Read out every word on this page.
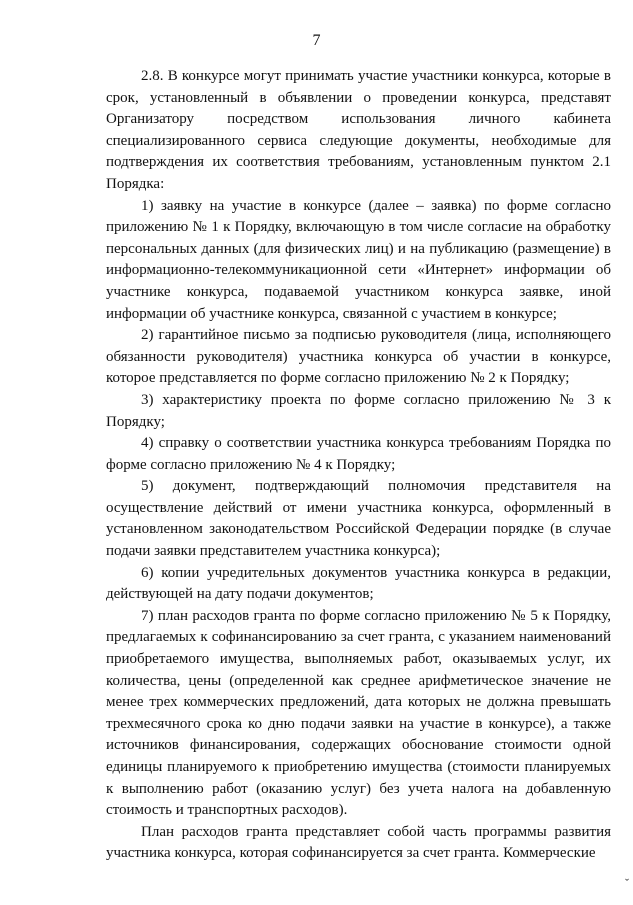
7

2.8. В конкурсе могут принимать участие участники конкурса, которые в срок, установленный в объявлении о проведении конкурса, представят Организатору посредством использования личного кабинета специализированного сервиса следующие документы, необходимые для подтверждения их соответствия требованиям, установленным пунктом 2.1 Порядка:

1) заявку на участие в конкурсе (далее – заявка) по форме согласно приложению № 1 к Порядку, включающую в том числе согласие на обработку персональных данных (для физических лиц) и на публикацию (размещение) в информационно-телекоммуникационной сети «Интернет» информации об участнике конкурса, подаваемой участником конкурса заявке, иной информации об участнике конкурса, связанной с участием в конкурсе;

2) гарантийное письмо за подписью руководителя (лица, исполняющего обязанности руководителя) участника конкурса об участии в конкурсе, которое представляется по форме согласно приложению № 2 к Порядку;

3) характеристику проекта по форме согласно приложению № 3 к Порядку;

4) справку о соответствии участника конкурса требованиям Порядка по форме согласно приложению № 4 к Порядку;

5) документ, подтверждающий полномочия представителя на осуществление действий от имени участника конкурса, оформленный в установленном законодательством Российской Федерации порядке (в случае подачи заявки представителем участника конкурса);

6) копии учредительных документов участника конкурса в редакции, действующей на дату подачи документов;

7) план расходов гранта по форме согласно приложению № 5 к Порядку, предлагаемых к софинансированию за счет гранта, с указанием наименований приобретаемого имущества, выполняемых работ, оказываемых услуг, их количества, цены (определенной как среднее арифметическое значение не менее трех коммерческих предложений, дата которых не должна превышать трехмесячного срока ко дню подачи заявки на участие в конкурсе), а также источников финансирования, содержащих обоснование стоимости одной единицы планируемого к приобретению имущества (стоимости планируемых к выполнению работ (оказанию услуг) без учета налога на добавленную стоимость и транспортных расходов).

План расходов гранта представляет собой часть программы развития участника конкурса, которая софинансируется за счет гранта. Коммерческие

ˇ
